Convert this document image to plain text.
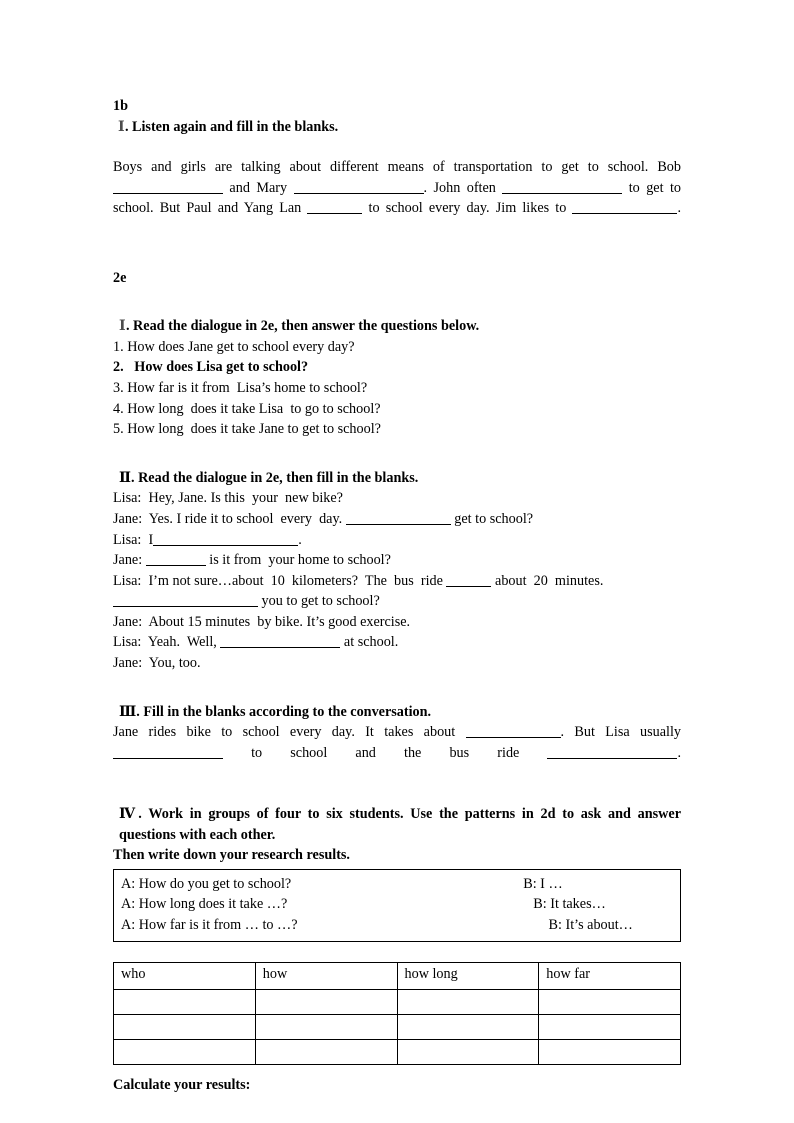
1b
Ⅰ. Listen again and fill in the blanks.
Boys and girls are talking about different means of transportation to get to school. Bob  and Mary	. John often	to get to school. But Paul and Yang Lan	to school every day. Jim likes to	.
2e
Ⅰ. Read the dialogue in 2e, then answer the questions below.
1. How does Jane get to school every day?
2.   How does Lisa get to school?
3. How far is it from  Lisa’s home to school?
4. How long  does it take Lisa  to go to school?
5. How long  does it take Jane to get to school?
Ⅱ. Read the dialogue in 2e, then fill in the blanks.
Lisa:  Hey, Jane. Is this  your  new bike?
Jane:  Yes. I ride it to school  every  day.	get to school?
Lisa:  I	.
Jane:	is it from  your home to school?
Lisa:  I’m not sure…about  10  kilometers?  The  bus  ride	about  20  minutes.
you to get to school?
Jane:  About 15 minutes  by bike. It’s good exercise.
Lisa:  Yeah.  Well,	at school.
Jane:  You, too.
Ⅲ. Fill in the blanks according to the conversation.
Jane rides bike to school every day. It takes about	. But Lisa usually  to school and the bus ride	.
Ⅳ. Work in groups of four to six students. Use the patterns in 2d to ask and answer questions with each other.
Then write down your research results.
A: How do you get to school?	B: I …
A: How long does it take …?	B: It takes…
A: How far is it from … to …?	B: It’s about…
who	how	how long	how far

Calculate your results:
